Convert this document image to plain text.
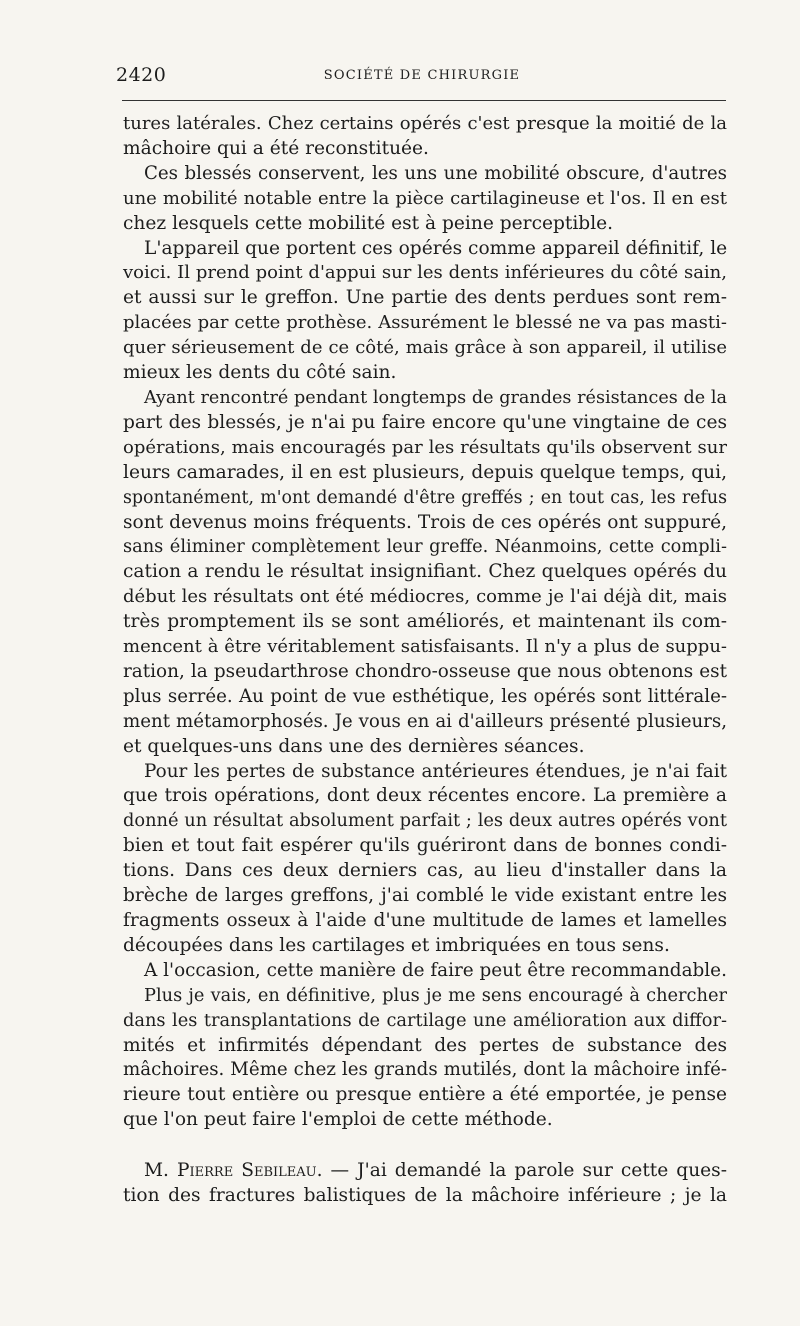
2420	SOCIÉTÉ DE CHIRURGIE
tures latérales. Chez certains opérés c'est presque la moitié de la
mâchoire qui a été reconstituée.
Ces blessés conservent, les uns une mobilité obscure, d'autres
une mobilité notable entre la pièce cartilagineuse et l'os. Il en est
chez lesquels cette mobilité est à peine perceptible.
L'appareil que portent ces opérés comme appareil définitif, le
voici. Il prend point d'appui sur les dents inférieures du côté sain,
et aussi sur le greffon. Une partie des dents perdues sont rem-
placées par cette prothèse. Assurément le blessé ne va pas masti-
quer sérieusement de ce côté, mais grâce à son appareil, il utilise
mieux les dents du côté sain.
Ayant rencontré pendant longtemps de grandes résistances de la
part des blessés, je n'ai pu faire encore qu'une vingtaine de ces
opérations, mais encouragés par les résultats qu'ils observent sur
leurs camarades, il en est plusieurs, depuis quelque temps, qui,
spontanément, m'ont demandé d'être greffés ; en tout cas, les refus
sont devenus moins fréquents. Trois de ces opérés ont suppuré,
sans éliminer complètement leur greffe. Néanmoins, cette compli-
cation a rendu le résultat insignifiant. Chez quelques opérés du
début les résultats ont été médiocres, comme je l'ai déjà dit, mais
très promptement ils se sont améliorés, et maintenant ils com-
mencent à être véritablement satisfaisants. Il n'y a plus de suppu-
ration, la pseudarthrose chondro-osseuse que nous obtenons est
plus serrée. Au point de vue esthétique, les opérés sont littérale-
ment métamorphosés. Je vous en ai d'ailleurs présenté plusieurs,
et quelques-uns dans une des dernières séances.
Pour les pertes de substance antérieures étendues, je n'ai fait
que trois opérations, dont deux récentes encore. La première a
donné un résultat absolument parfait ; les deux autres opérés vont
bien et tout fait espérer qu'ils guériront dans de bonnes condi-
tions. Dans ces deux derniers cas, au lieu d'installer dans la
brèche de larges greffons, j'ai comblé le vide existant entre les
fragments osseux à l'aide d'une multitude de lames et lamelles
découpées dans les cartilages et imbriquées en tous sens.
A l'occasion, cette manière de faire peut être recommandable.
Plus je vais, en définitive, plus je me sens encouragé à chercher
dans les transplantations de cartilage une amélioration aux diffor-
mités et infirmités dépendant des pertes de substance des
mâchoires. Même chez les grands mutilés, dont la mâchoire infé-
rieure tout entière ou presque entière a été emportée, je pense
que l'on peut faire l'emploi de cette méthode.
M. Pierre Sebileau. — J'ai demandé la parole sur cette ques-
tion des fractures balistiques de la mâchoire inférieure ; je la
